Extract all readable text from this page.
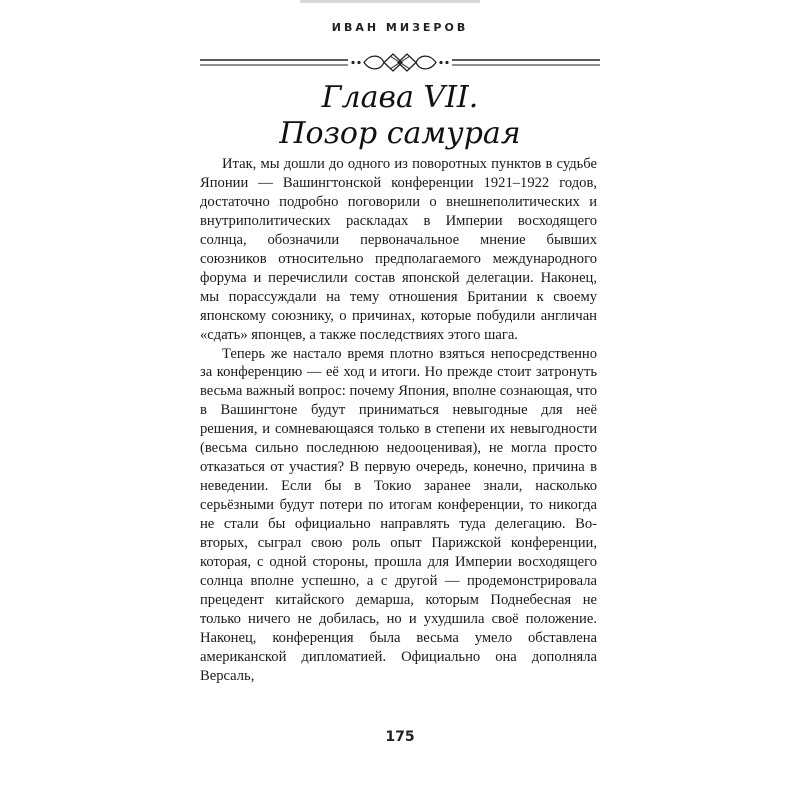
ИВАН МИЗЕРОВ
Глава VII.
Позор самурая

Итак, мы дошли до одного из поворотных пунктов в судьбе Японии — Вашингтонской конференции 1921–1922 годов, достаточно подробно поговорили о внешнеполитических и внутриполитических раскладах в Империи восходящего солнца, обозначили первоначальное мнение бывших союзников относительно предполагаемого международного форума и перечислили состав японской делегации. Наконец, мы порассуждали на тему отношения Британии к своему японскому союзнику, о причинах, которые побудили англичан «сдать» японцев, а также последствиях этого шага.

Теперь же настало время плотно взяться непосредственно за конференцию — её ход и итоги. Но прежде стоит затронуть весьма важный вопрос: почему Япония, вполне сознающая, что в Вашингтоне будут приниматься невыгодные для неё решения, и сомневающаяся только в степени их невыгодности (весьма сильно последнюю недооценивая), не могла просто отказаться от участия? В первую очередь, конечно, причина в неведении. Если бы в Токио заранее знали, насколько серьёзными будут потери по итогам конференции, то никогда не стали бы официально направлять туда делегацию. Во-вторых, сыграл свою роль опыт Парижской конференции, которая, с одной стороны, прошла для Империи восходящего солнца вполне успешно, а с другой — продемонстрировала прецедент китайского демарша, которым Поднебесная не только ничего не добилась, но и ухудшила своё положение. Наконец, конференция была весьма умело обставлена американской дипломатией. Официально она дополняла Версаль,

175
